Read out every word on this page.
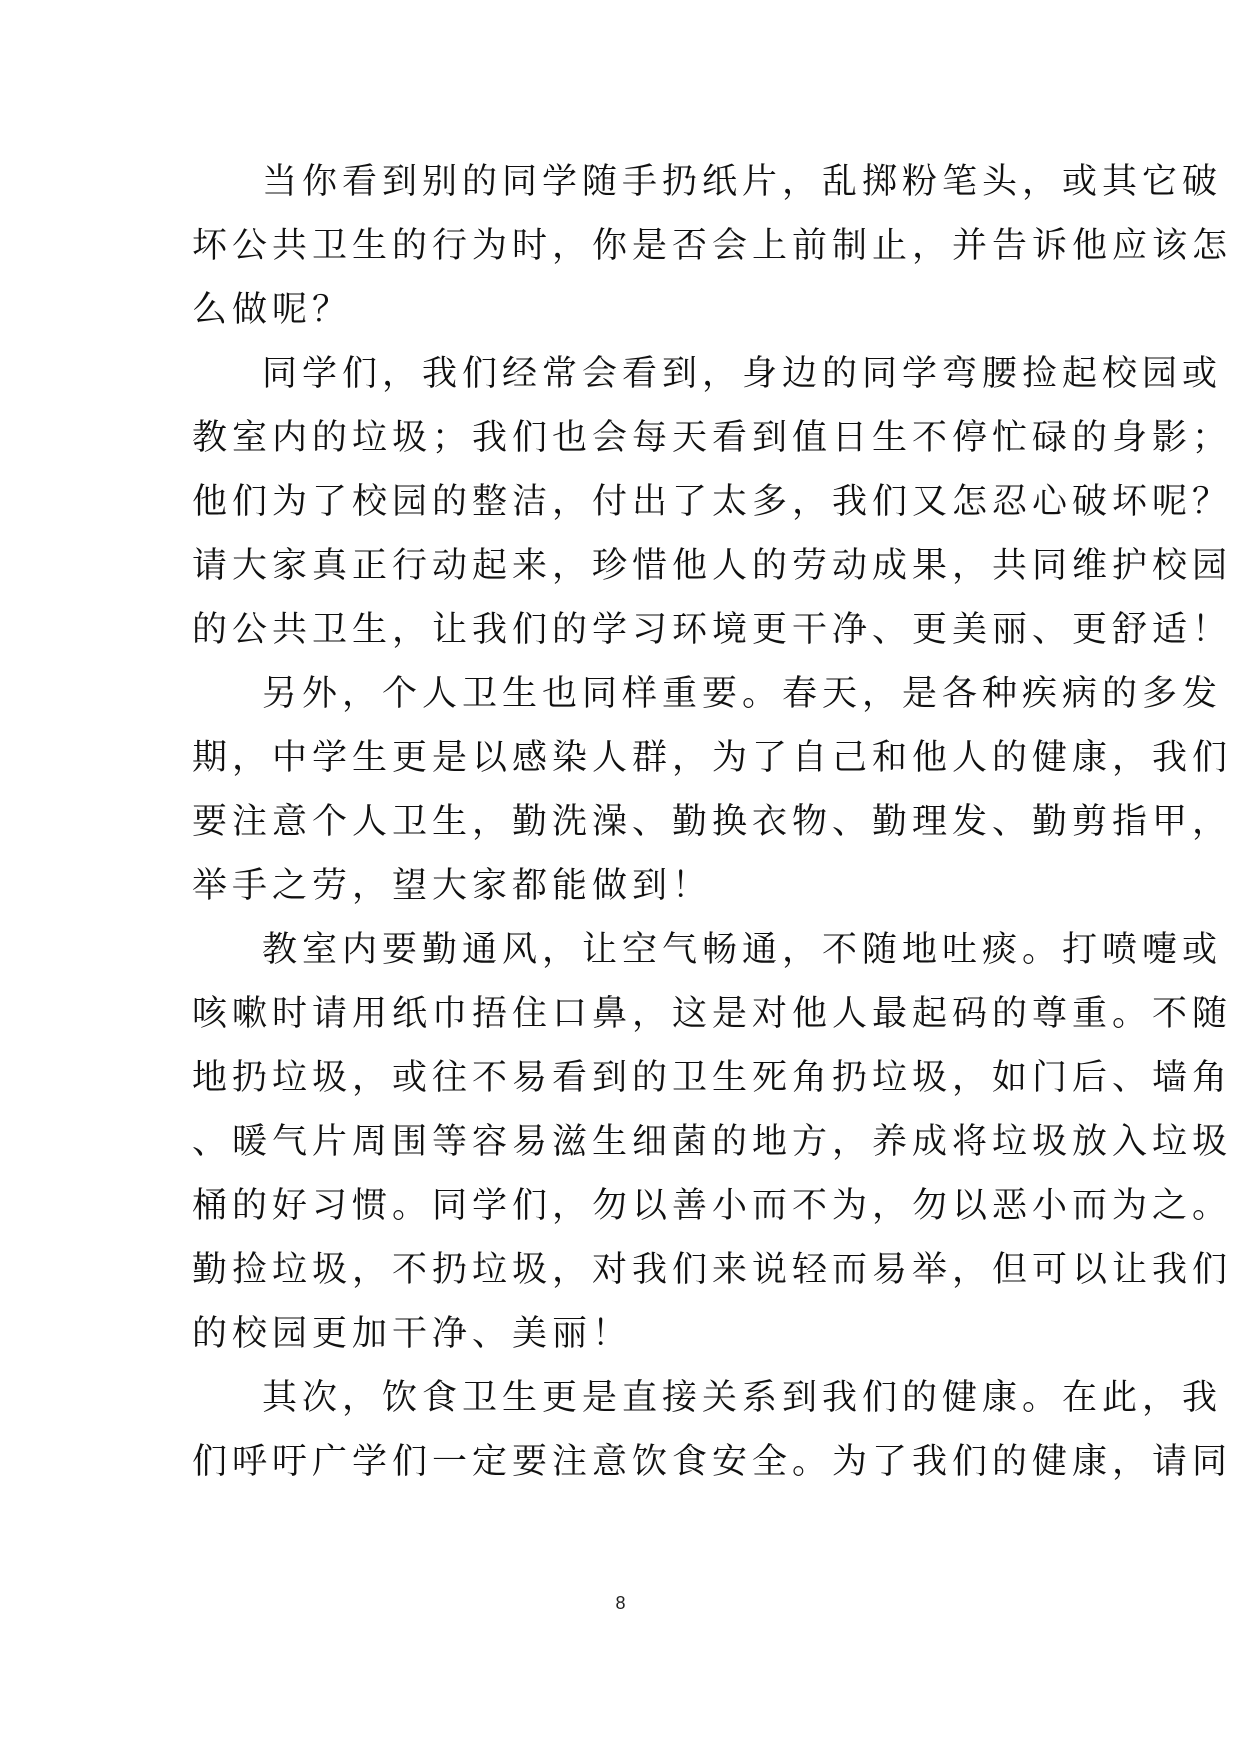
当你看到别的同学随手扔纸片，乱掷粉笔头，或其它破
坏公共卫生的行为时，你是否会上前制止，并告诉他应该怎
么做呢？
同学们，我们经常会看到，身边的同学弯腰捡起校园或
教室内的垃圾；我们也会每天看到值日生不停忙碌的身影；
他们为了校园的整洁，付出了太多，我们又怎忍心破坏呢？
请大家真正行动起来，珍惜他人的劳动成果，共同维护校园
的公共卫生，让我们的学习环境更干净、更美丽、更舒适！
另外，个人卫生也同样重要。春天，是各种疾病的多发
期，中学生更是以感染人群，为了自己和他人的健康，我们
要注意个人卫生，勤洗澡、勤换衣物、勤理发、勤剪指甲，
举手之劳，望大家都能做到！
教室内要勤通风，让空气畅通，不随地吐痰。打喷嚏或
咳嗽时请用纸巾捂住口鼻，这是对他人最起码的尊重。不随
地扔垃圾，或往不易看到的卫生死角扔垃圾，如门后、墙角
、暖气片周围等容易滋生细菌的地方，养成将垃圾放入垃圾
桶的好习惯。同学们，勿以善小而不为，勿以恶小而为之。
勤捡垃圾，不扔垃圾，对我们来说轻而易举，但可以让我们
的校园更加干净、美丽！
其次，饮食卫生更是直接关系到我们的健康。在此，我
们呼吁广学们一定要注意饮食安全。为了我们的健康，请同
8
